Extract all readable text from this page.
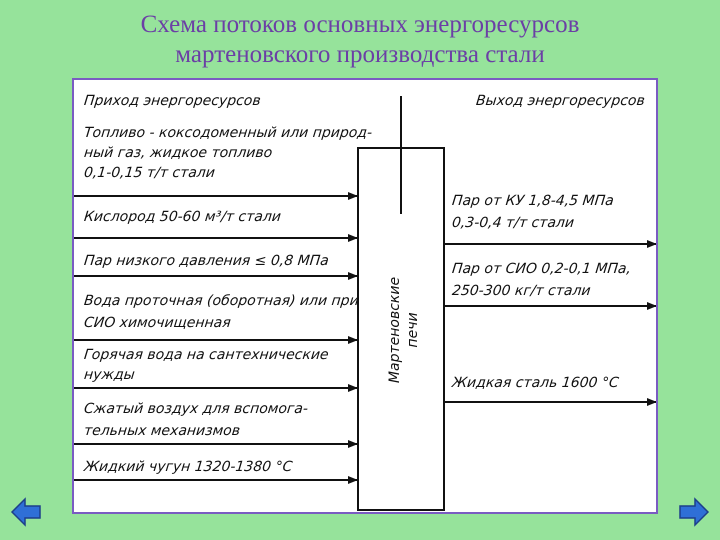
Схема потоков основных энергоресурсов
мартеновского производства стали
Приход энергоресурсов	Выход энергоресурсов
Мартеновские печи
Топливо - коксодоменный или природ-
ный газ, жидкое топливо
0,1-0,15 т/т стали
Кислород 50-60 м³/т стали
Пар низкого давления ≤ 0,8 МПа
Вода проточная (оборотная) или при
СИО химочищенная
Горячая вода на сантехнические
нужды
Сжатый воздух для вспомога-
тельных механизмов
Жидкий чугун 1320-1380 °С
Пар от КУ 1,8-4,5 МПа
0,3-0,4 т/т стали
Пар от СИО 0,2-0,1 МПа,
250-300 кг/т стали
Жидкая сталь 1600 °С
